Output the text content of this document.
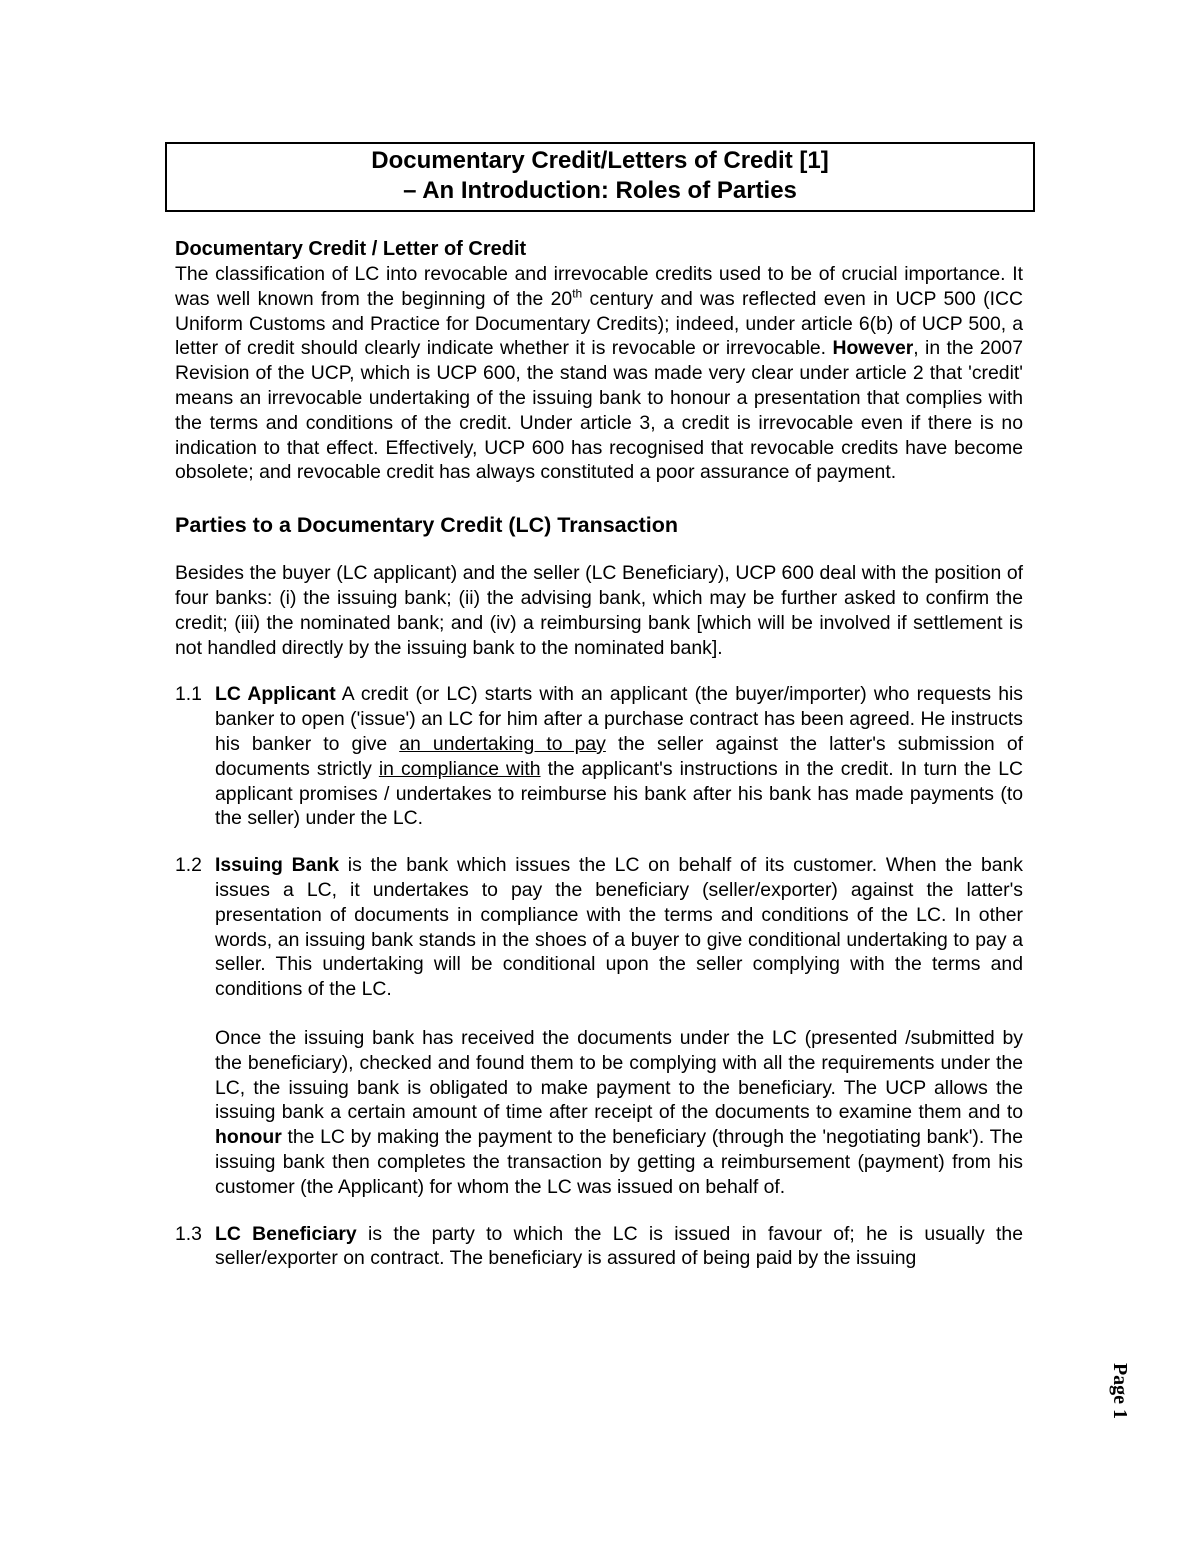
Documentary Credit/Letters of Credit [1]
– An Introduction: Roles of Parties
Documentary Credit / Letter of Credit

The classification of LC into revocable and irrevocable credits used to be of crucial importance. It was well known from the beginning of the 20th century and was reflected even in UCP 500 (ICC Uniform Customs and Practice for Documentary Credits); indeed, under article 6(b) of UCP 500, a letter of credit should clearly indicate whether it is revocable or irrevocable. However, in the 2007 Revision of the UCP, which is UCP 600, the stand was made very clear under article 2 that 'credit' means an irrevocable undertaking of the issuing bank to honour a presentation that complies with the terms and conditions of the credit. Under article 3, a credit is irrevocable even if there is no indication to that effect. Effectively, UCP 600 has recognised that revocable credits have become obsolete; and revocable credit has always constituted a poor assurance of payment.

Parties to a Documentary Credit (LC) Transaction

Besides the buyer (LC applicant) and the seller (LC Beneficiary), UCP 600 deal with the position of four banks: (i) the issuing bank; (ii) the advising bank, which may be further asked to confirm the credit; (iii) the nominated bank; and (iv) a reimbursing bank [which will be involved if settlement is not handled directly by the issuing bank to the nominated bank].

1.1 LC Applicant A credit (or LC) starts with an applicant (the buyer/importer) who requests his banker to open ('issue') an LC for him after a purchase contract has been agreed. He instructs his banker to give an undertaking to pay the seller against the latter's submission of documents strictly in compliance with the applicant's instructions in the credit. In turn the LC applicant promises / undertakes to reimburse his bank after his bank has made payments (to the seller) under the LC.

1.2 Issuing Bank is the bank which issues the LC on behalf of its customer. When the bank issues a LC, it undertakes to pay the beneficiary (seller/exporter) against the latter's presentation of documents in compliance with the terms and conditions of the LC. In other words, an issuing bank stands in the shoes of a buyer to give conditional undertaking to pay a seller. This undertaking will be conditional upon the seller complying with the terms and conditions of the LC.

Once the issuing bank has received the documents under the LC (presented /submitted by the beneficiary), checked and found them to be complying with all the requirements under the LC, the issuing bank is obligated to make payment to the beneficiary. The UCP allows the issuing bank a certain amount of time after receipt of the documents to examine them and to honour the LC by making the payment to the beneficiary (through the 'negotiating bank'). The issuing bank then completes the transaction by getting a reimbursement (payment) from his customer (the Applicant) for whom the LC was issued on behalf of.

1.3 LC Beneficiary is the party to which the LC is issued in favour of; he is usually the seller/exporter on contract. The beneficiary is assured of being paid by the issuing

Page 1
